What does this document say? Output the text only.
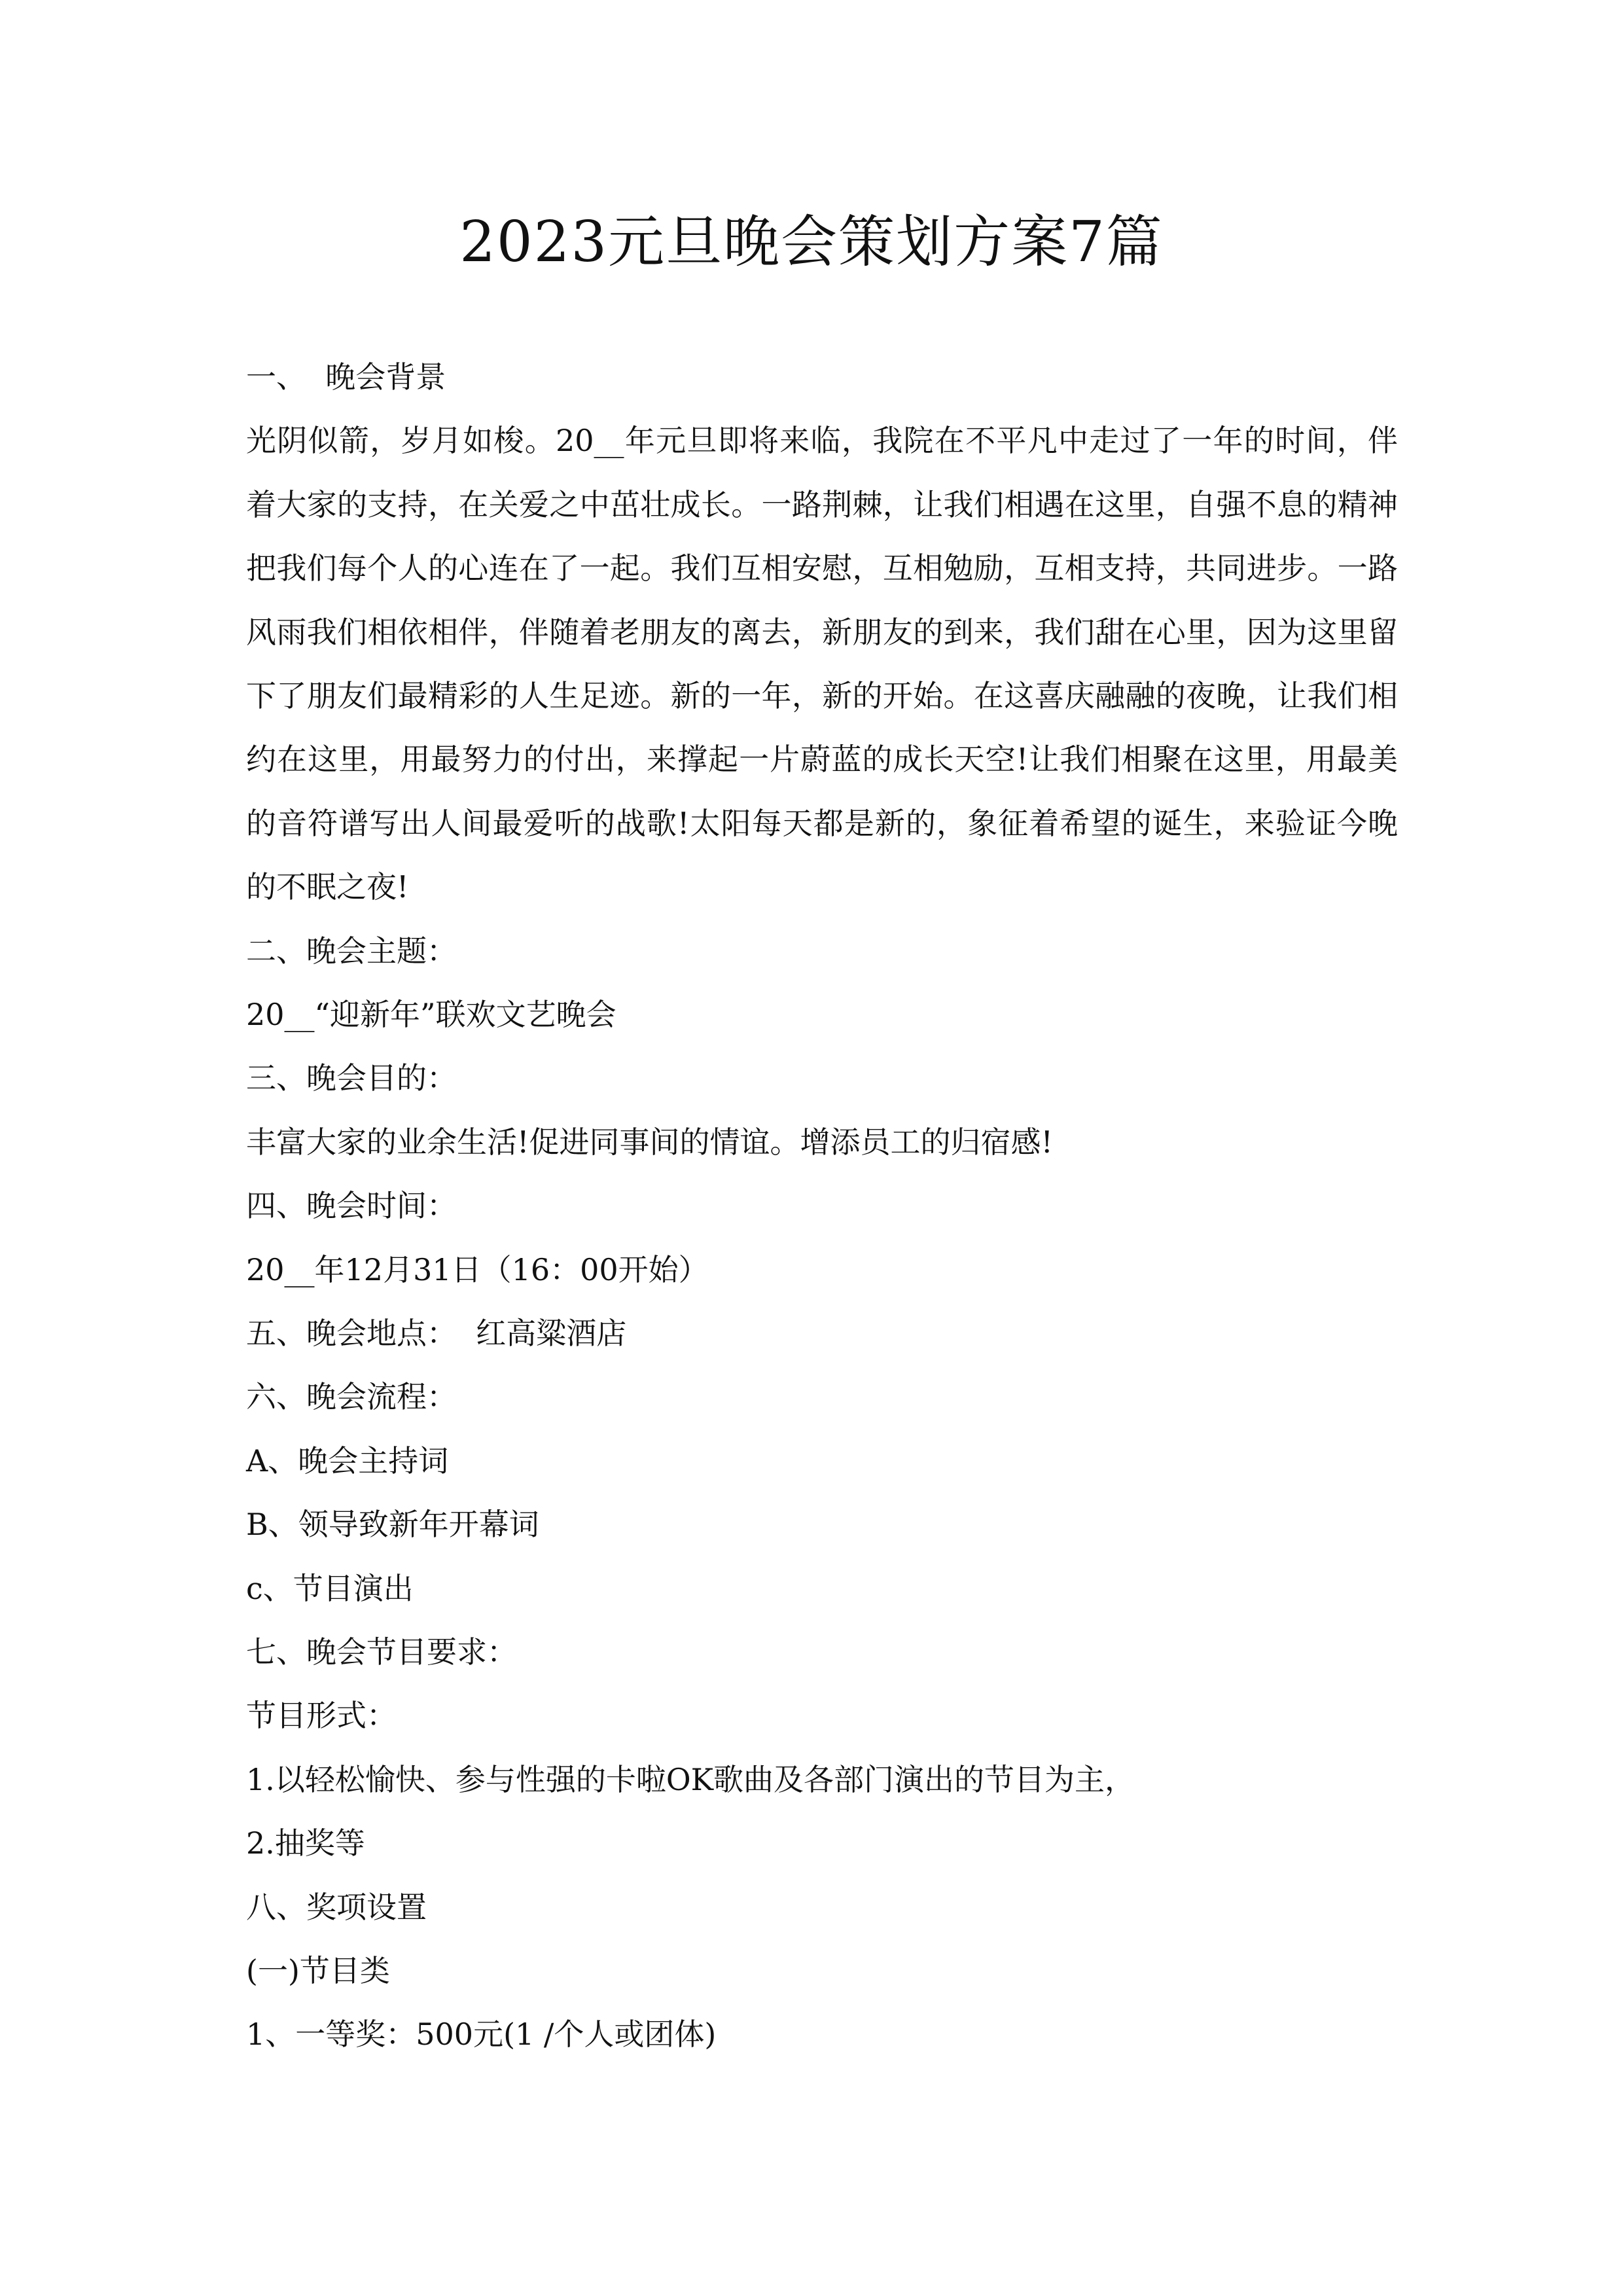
2023元旦晚会策划方案7篇

一、  晚会背景

光阴似箭，岁月如梭。20__年元旦即将来临，我院在不平凡中走过了一年的时间，伴着大家的支持，在关爱之中茁壮成长。一路荆棘，让我们相遇在这里，自强不息的精神把我们每个人的心连在了一起。我们互相安慰，互相勉励，互相支持，共同进步。一路风雨我们相依相伴，伴随着老朋友的离去，新朋友的到来，我们甜在心里，因为这里留下了朋友们最精彩的人生足迹。新的一年，新的开始。在这喜庆融融的夜晚，让我们相约在这里，用最努力的付出，来撑起一片蔚蓝的成长天空!让我们相聚在这里，用最美的音符谱写出人间最爱听的战歌!太阳每天都是新的，象征着希望的诞生，来验证今晚的不眠之夜!

二、晚会主题：

20__“迎新年”联欢文艺晚会

三、晚会目的：

丰富大家的业余生活!促进同事间的情谊。增添员工的归宿感!

四、晚会时间：

20__年12月31日（16：00开始）

五、晚会地点：  红高粱酒店

六、晚会流程：

A、晚会主持词

B、领导致新年开幕词

c、节目演出

七、晚会节目要求：

节目形式：

1.以轻松愉快、参与性强的卡啦OK歌曲及各部门演出的节目为主，

2.抽奖等

八、奖项设置

(一)节目类

1、一等奖：500元(1 /个人或团体)
